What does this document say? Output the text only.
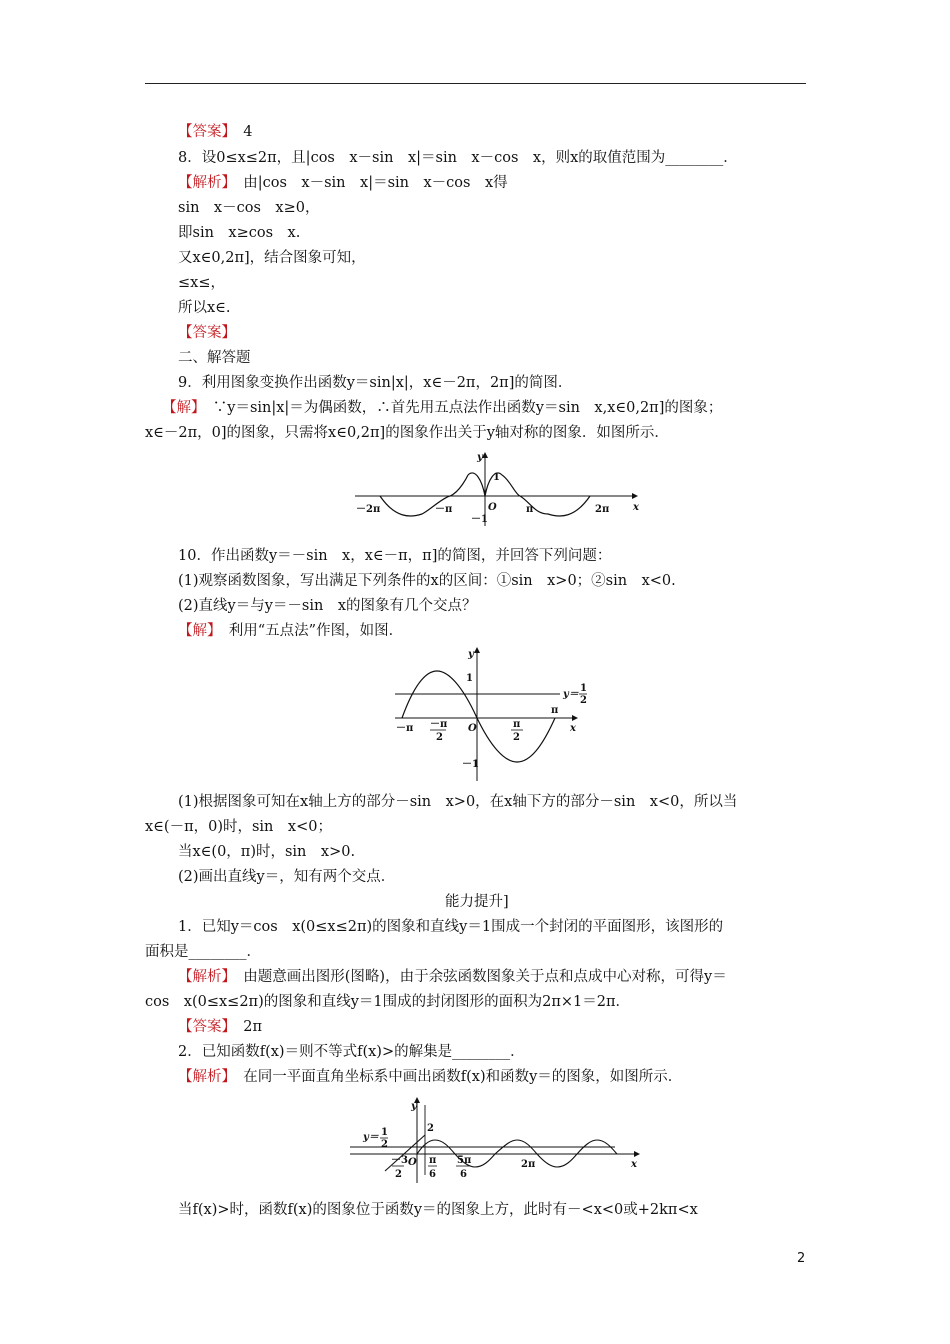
【答案】　4
8．设0≤x≤2π，且|cos　x－sin　x|＝sin　x－cos　x，则x的取值范围为________．
【解析】　由|cos　x－sin　x|＝sin　x－cos　x得
sin　x－cos　x≥0，
即sin　x≥cos　x.
又x∈0,2π]，结合图象可知，
≤x≤，
所以x∈.
【答案】
二、解答题
9．利用图象变换作出函数y＝sin|x|，x∈－2π，2π]的简图．
【解】　∵y＝sin|x|＝为偶函数，∴首先用五点法作出函数y＝sin　x,x∈0,2π]的图象；
x∈－2π，0]的图象，只需将x∈0,2π]的图象作出关于y轴对称的图象．如图所示．
y
x
1
－1
O
－2π	－π	π	2π
10．作出函数y＝－sin　x，x∈－π，π]的简图，并回答下列问题：
(1)观察函数图象，写出满足下列条件的x的区间：①sin　x>0；②sin　x<0.
(2)直线y＝与y＝－sin　x的图象有几个交点？
【解】　利用“五点法”作图，如图．
y
x
1
－1
O
－π －π
2
π
2
π
y＝
1
2
(1)根据图象可知在x轴上方的部分－sin　x>0，在x轴下方的部分－sin　x<0，所以当
x∈(－π，0)时，sin　x<0；
当x∈(0，π)时，sin　x>0.
(2)画出直线y＝，知有两个交点．
能力提升]
1．已知y＝cos　x(0≤x≤2π)的图象和直线y＝1围成一个封闭的平面图形，该图形的
面积是________．
【解析】　由题意画出图形(图略)，由于余弦函数图象关于点和点成中心对称，可得y＝
cos　x(0≤x≤2π)的图象和直线y＝1围成的封闭图形的面积为2π×1＝2π．
【答案】　2π
2．已知函数f(x)＝则不等式f(x)>的解集是________．
【解析】　在同一平面直角坐标系中画出函数f(x)和函数y＝的图象，如图所示．
y
x
y＝ 1
2
2
－3
2
O π
6
5π
6
2π
当f(x)>时，函数f(x)的图象位于函数y＝的图象上方，此时有－<x<0或+2kπ<x
2
